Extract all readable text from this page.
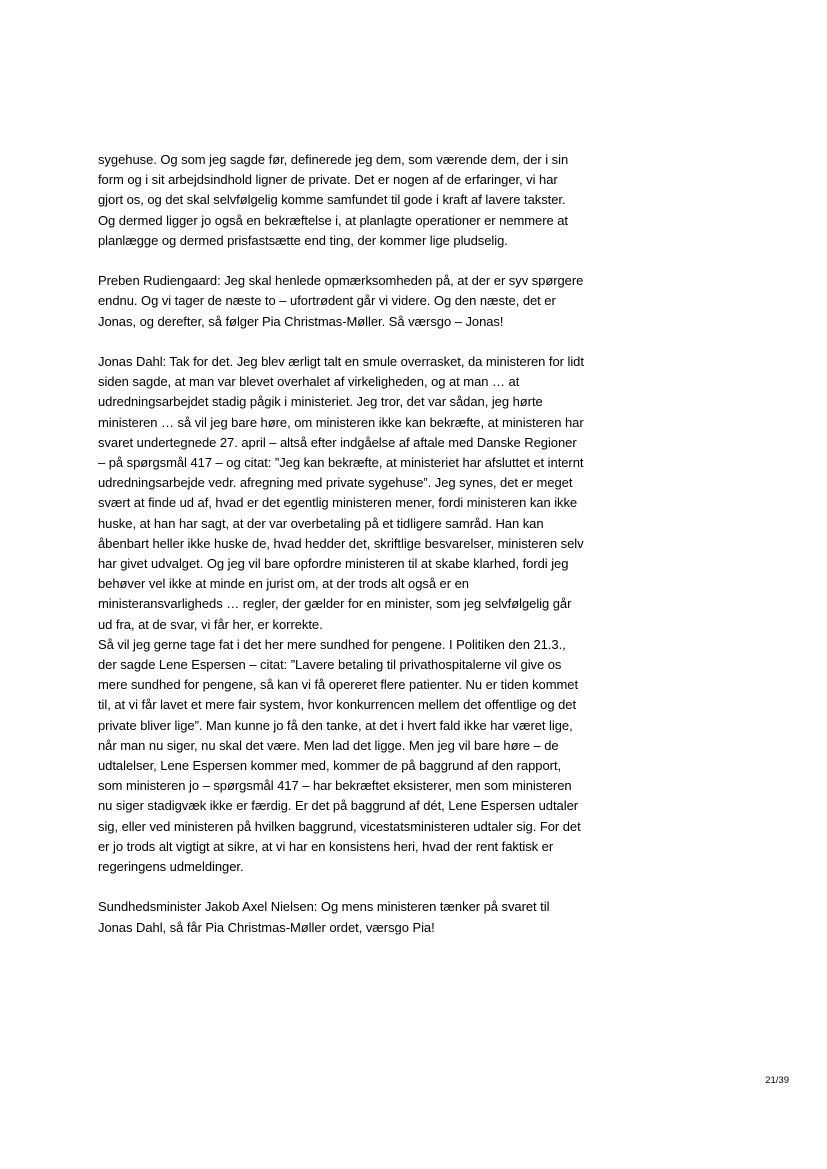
sygehuse. Og som jeg sagde før, definerede jeg dem, som værende dem, der i sin form og i sit arbejdsindhold ligner de private. Det er nogen af de erfaringer, vi har gjort os, og det skal selvfølgelig komme samfundet til gode i kraft af lavere takster. Og dermed ligger jo også en bekræftelse i, at planlagte operationer er nemmere at planlægge og dermed prisfastsætte end ting, der kommer lige pludselig.

Preben Rudiengaard: Jeg skal henlede opmærksomheden på, at der er syv spørgere endnu. Og vi tager de næste to – ufortrødent går vi videre. Og den næste, det er Jonas, og derefter, så følger Pia Christmas-Møller. Så værsgo – Jonas!

Jonas Dahl: Tak for det. Jeg blev ærligt talt en smule overrasket, da ministeren for lidt siden sagde, at man var blevet overhalet af virkeligheden, og at man … at udredningsarbejdet stadig pågik i ministeriet. Jeg tror, det var sådan, jeg hørte ministeren … så vil jeg bare høre, om ministeren ikke kan bekræfte, at ministeren har svaret undertegnede 27. april – altså efter indgåelse af aftale med Danske Regioner – på spørgsmål 417 – og citat: ”Jeg kan bekræfte, at ministeriet har afsluttet et internt udredningsarbejde vedr. afregning med private sygehuse”. Jeg synes, det er meget svært at finde ud af, hvad er det egentlig ministeren mener, fordi ministeren kan ikke huske, at han har sagt, at der var overbetaling på et tidligere samråd. Han kan åbenbart heller ikke huske de, hvad hedder det, skriftlige besvarelser, ministeren selv har givet udvalget. Og jeg vil bare opfordre ministeren til at skabe klarhed, fordi jeg behøver vel ikke at minde en jurist om, at der trods alt også er en ministeransvarligheds … regler, der gælder for en minister, som jeg selvfølgelig går ud fra, at de svar, vi får her, er korrekte.

Så vil jeg gerne tage fat i det her mere sundhed for pengene. I Politiken den 21.3., der sagde Lene Espersen – citat: ”Lavere betaling til privathospitalerne vil give os mere sundhed for pengene, så kan vi få opereret flere patienter. Nu er tiden kommet til, at vi får lavet et mere fair system, hvor konkurrencen mellem det offentlige og det private bliver lige”. Man kunne jo få den tanke, at det i hvert fald ikke har været lige, når man nu siger, nu skal det være. Men lad det ligge. Men jeg vil bare høre – de udtalelser, Lene Espersen kommer med, kommer de på baggrund af den rapport, som ministeren jo – spørgsmål 417 – har bekræftet eksisterer, men som ministeren nu siger stadigvæk ikke er færdig. Er det på baggrund af dét, Lene Espersen udtaler sig, eller ved ministeren på hvilken baggrund, vicestatsministeren udtaler sig. For det er jo trods alt vigtigt at sikre, at vi har en konsistens heri, hvad der rent faktisk er regeringens udmeldinger.

Sundhedsminister Jakob Axel Nielsen: Og mens ministeren tænker på svaret til Jonas Dahl, så får Pia Christmas-Møller ordet, værsgo Pia!

21/39
